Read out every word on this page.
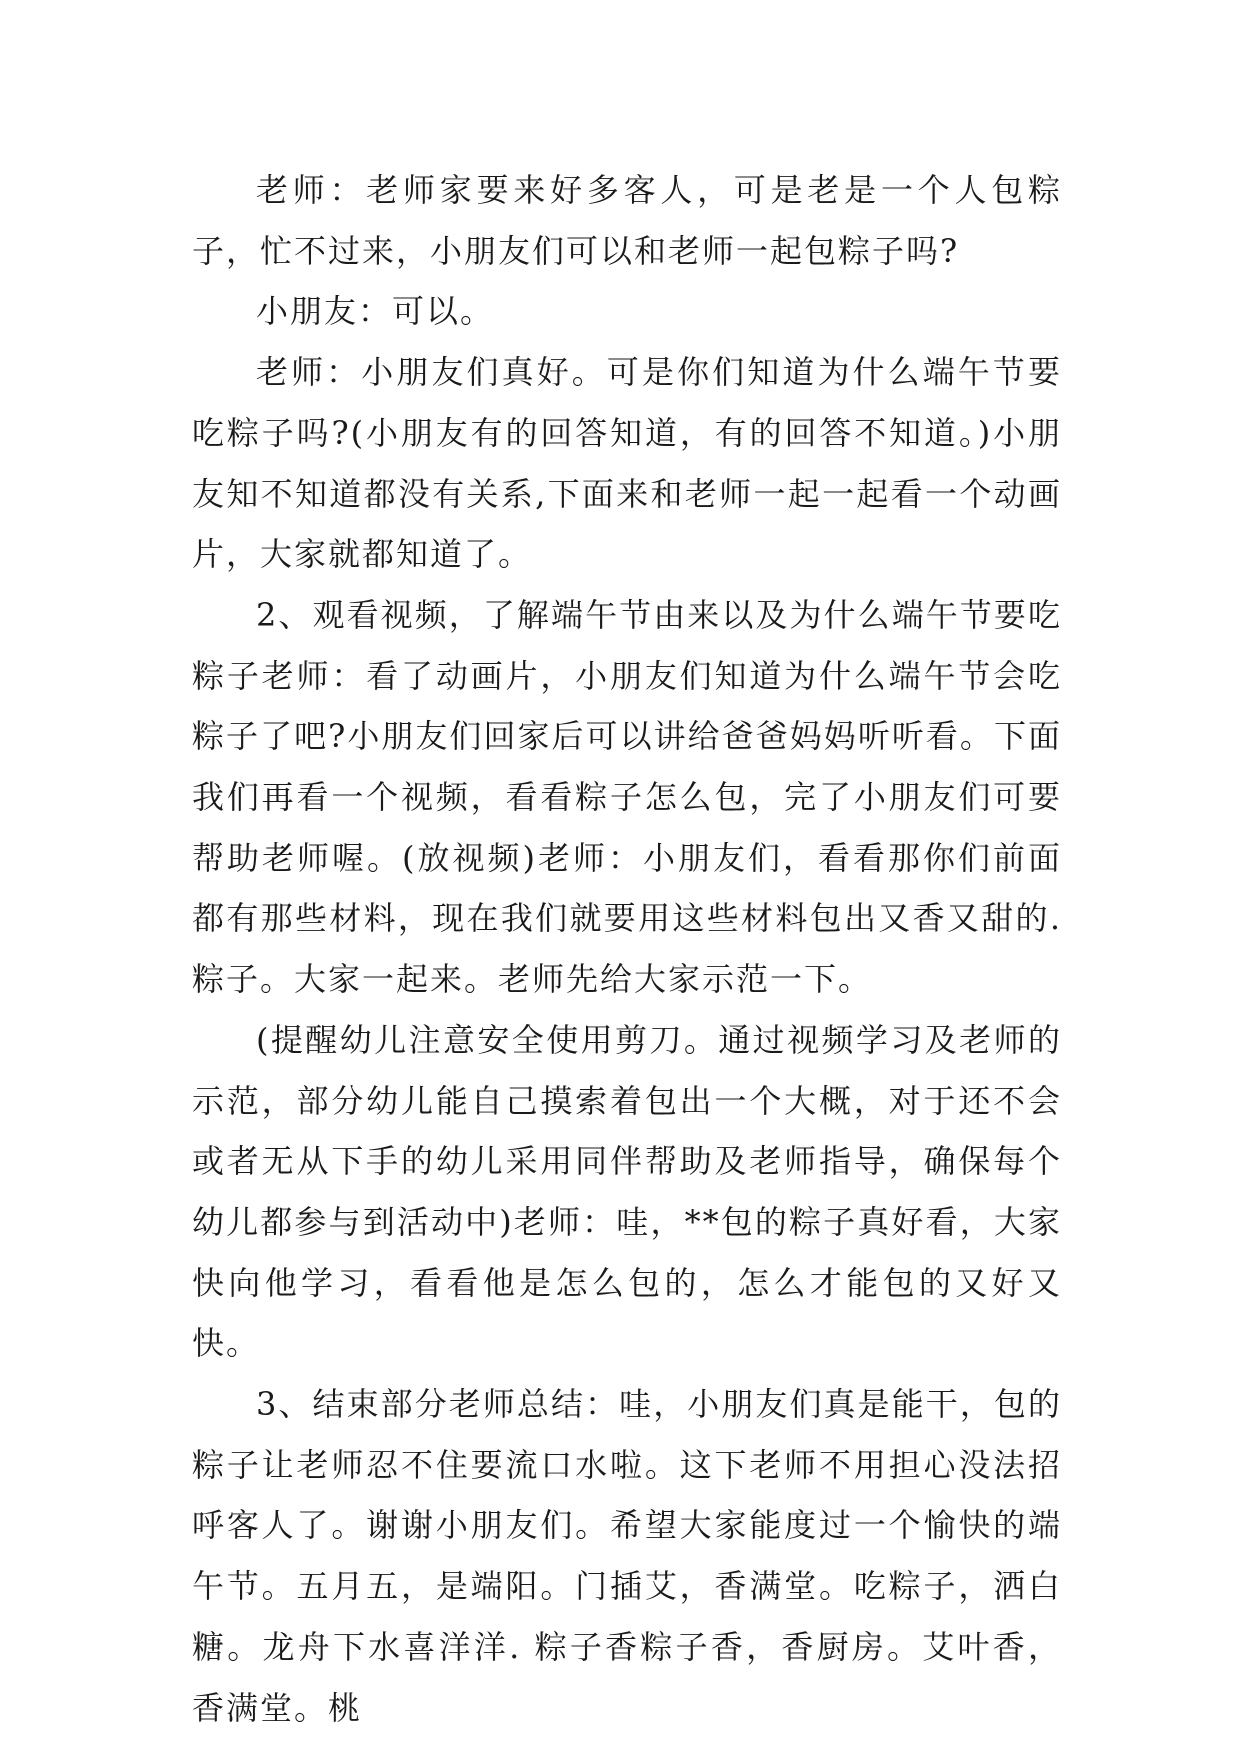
老师：老师家要来好多客人，可是老是一个人包粽子，忙不过来，小朋友们可以和老师一起包粽子吗?

小朋友：可以。

老师：小朋友们真好。可是你们知道为什么端午节要吃粽子吗?(小朋友有的回答知道，有的回答不知道。)小朋友知不知道都没有关系,下面来和老师一起一起看一个动画片，大家就都知道了。

2、观看视频，了解端午节由来以及为什么端午节要吃粽子老师：看了动画片，小朋友们知道为什么端午节会吃粽子了吧?小朋友们回家后可以讲给爸爸妈妈听听看。下面我们再看一个视频，看看粽子怎么包，完了小朋友们可要帮助老师喔。(放视频)老师：小朋友们，看看那你们前面都有那些材料，现在我们就要用这些材料包出又香又甜的.粽子。大家一起来。老师先给大家示范一下。

(提醒幼儿注意安全使用剪刀。通过视频学习及老师的示范，部分幼儿能自己摸索着包出一个大概，对于还不会或者无从下手的幼儿采用同伴帮助及老师指导，确保每个幼儿都参与到活动中)老师：哇，**包的粽子真好看，大家快向他学习，看看他是怎么包的，怎么才能包的又好又快。

3、结束部分老师总结：哇，小朋友们真是能干，包的粽子让老师忍不住要流口水啦。这下老师不用担心没法招呼客人了。谢谢小朋友们。希望大家能度过一个愉快的端午节。五月五，是端阳。门插艾，香满堂。吃粽子，洒白糖。龙舟下水喜洋洋. 粽子香粽子香，香厨房。艾叶香，香满堂。桃
